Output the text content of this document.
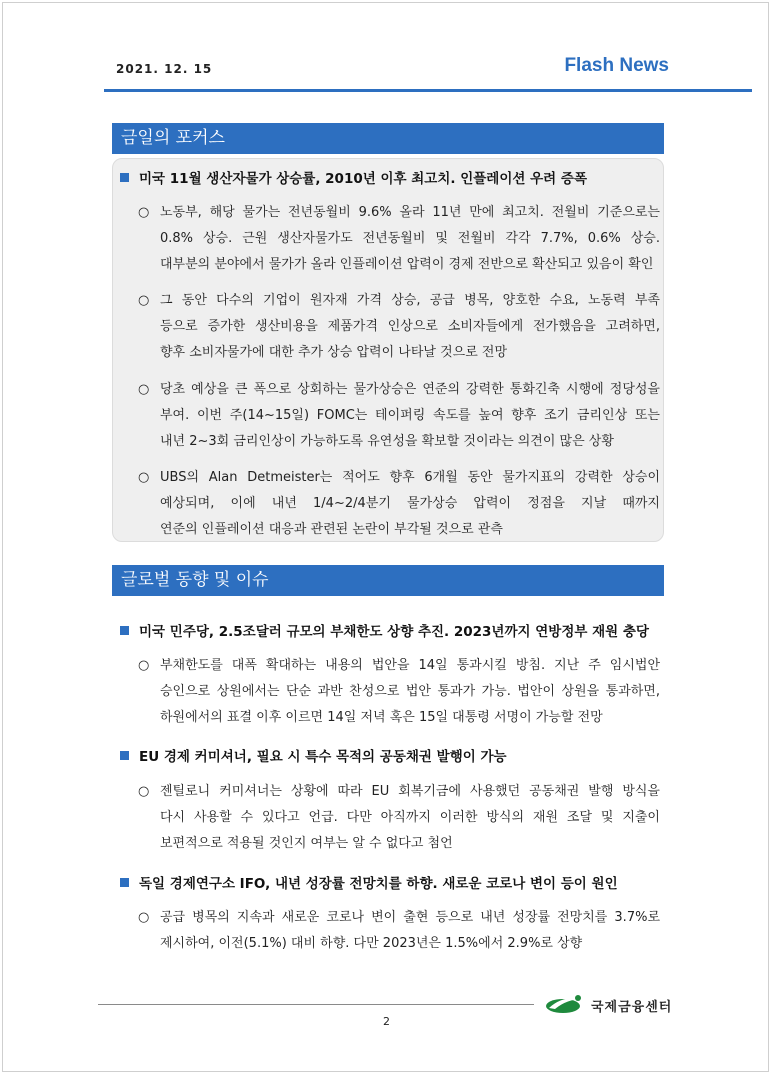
2021. 12. 15	Flash News
금일의 포커스
미국 11월 생산자물가 상승률, 2010년 이후 최고치. 인플레이션 우려 증폭
○ 노동부, 해당 물가는 전년동월비 9.6% 올라 11년 만에 최고치. 전월비 기준으로는
0.8% 상승. 근원 생산자물가도 전년동월비 및 전월비 각각 7.7%, 0.6% 상승.
대부분의 분야에서 물가가 올라 인플레이션 압력이 경제 전반으로 확산되고 있음이 확인
○ 그 동안 다수의 기업이 원자재 가격 상승, 공급 병목, 양호한 수요, 노동력 부족
등으로 증가한 생산비용을 제품가격 인상으로 소비자들에게 전가했음을 고려하면,
향후 소비자물가에 대한 추가 상승 압력이 나타날 것으로 전망
○ 당초 예상을 큰 폭으로 상회하는 물가상승은 연준의 강력한 통화긴축 시행에 정당성을
부여. 이번 주(14~15일) FOMC는 테이퍼링 속도를 높여 향후 조기 금리인상 또는
내년 2~3회 금리인상이 가능하도록 유연성을 확보할 것이라는 의견이 많은 상황
○ UBS의 Alan Detmeister는 적어도 향후 6개월 동안 물가지표의 강력한 상승이
예상되며, 이에 내년 1/4~2/4분기 물가상승 압력이 정점을 지날 때까지
연준의 인플레이션 대응과 관련된 논란이 부각될 것으로 관측
글로벌 동향 및 이슈
미국 민주당, 2.5조달러 규모의 부채한도 상향 추진. 2023년까지 연방정부 재원 충당
○ 부채한도를 대폭 확대하는 내용의 법안을 14일 통과시킬 방침. 지난 주 임시법안
승인으로 상원에서는 단순 과반 찬성으로 법안 통과가 가능. 법안이 상원을 통과하면,
하원에서의 표결 이후 이르면 14일 저녁 혹은 15일 대통령 서명이 가능할 전망
EU 경제 커미셔너, 필요 시 특수 목적의 공동채권 발행이 가능
○ 젠틸로니 커미셔너는 상황에 따라 EU 회복기금에 사용했던 공동채권 발행 방식을
다시 사용할 수 있다고 언급. 다만 아직까지 이러한 방식의 재원 조달 및 지출이
보편적으로 적용될 것인지 여부는 알 수 없다고 첨언
독일 경제연구소 IFO, 내년 성장률 전망치를 하향. 새로운 코로나 변이 등이 원인
○ 공급 병목의 지속과 새로운 코로나 변이 출현 등으로 내년 성장률 전망치를 3.7%로
제시하여, 이전(5.1%) 대비 하향. 다만 2023년은 1.5%에서 2.9%로 상향
국제금융센터
2
